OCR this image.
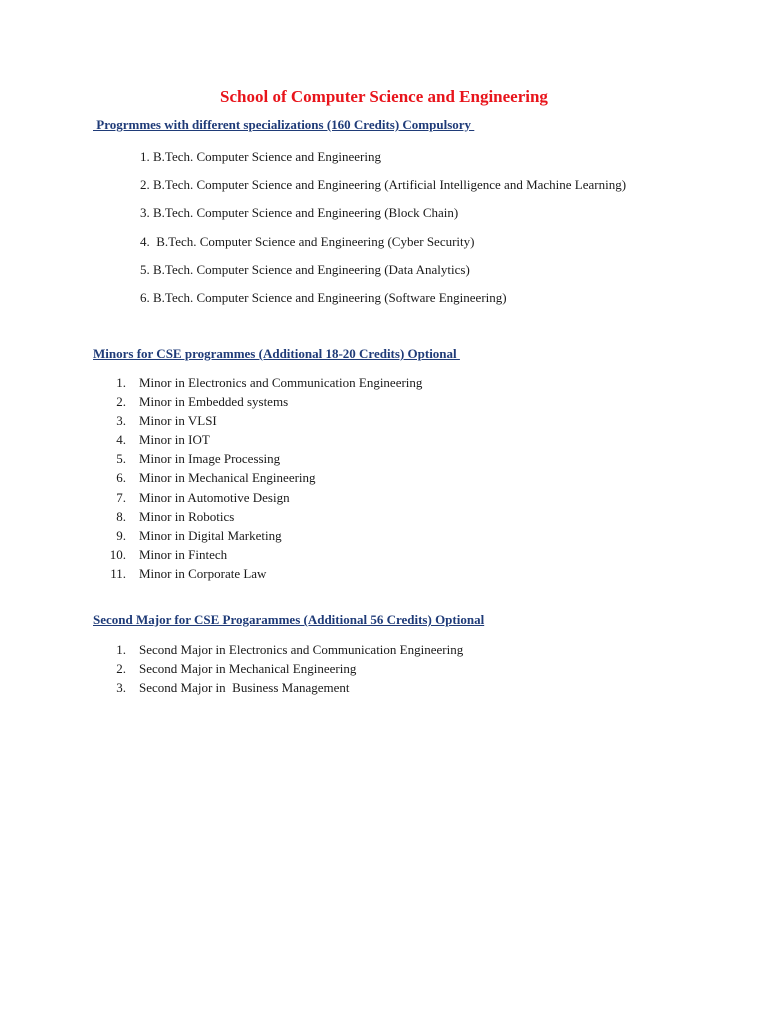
School of Computer Science and Engineering
Progrmmes with different specializations (160 Credits) Compulsory
1. B.Tech. Computer Science and Engineering
2. B.Tech. Computer Science and Engineering (Artificial Intelligence and Machine Learning)
3. B.Tech. Computer Science and Engineering (Block Chain)
4.  B.Tech. Computer Science and Engineering (Cyber Security)
5. B.Tech. Computer Science and Engineering (Data Analytics)
6. B.Tech. Computer Science and Engineering (Software Engineering)
Minors for CSE programmes (Additional 18-20 Credits) Optional
1. Minor in Electronics and Communication Engineering
2. Minor in Embedded systems
3. Minor in VLSI
4. Minor in IOT
5. Minor in Image Processing
6. Minor in Mechanical Engineering
7. Minor in Automotive Design
8. Minor in Robotics
9. Minor in Digital Marketing
10. Minor in Fintech
11. Minor in Corporate Law
Second Major for CSE Progarammes (Additional 56 Credits) Optional
1. Second Major in Electronics and Communication Engineering
2. Second Major in Mechanical Engineering
3. Second Major in  Business Management
